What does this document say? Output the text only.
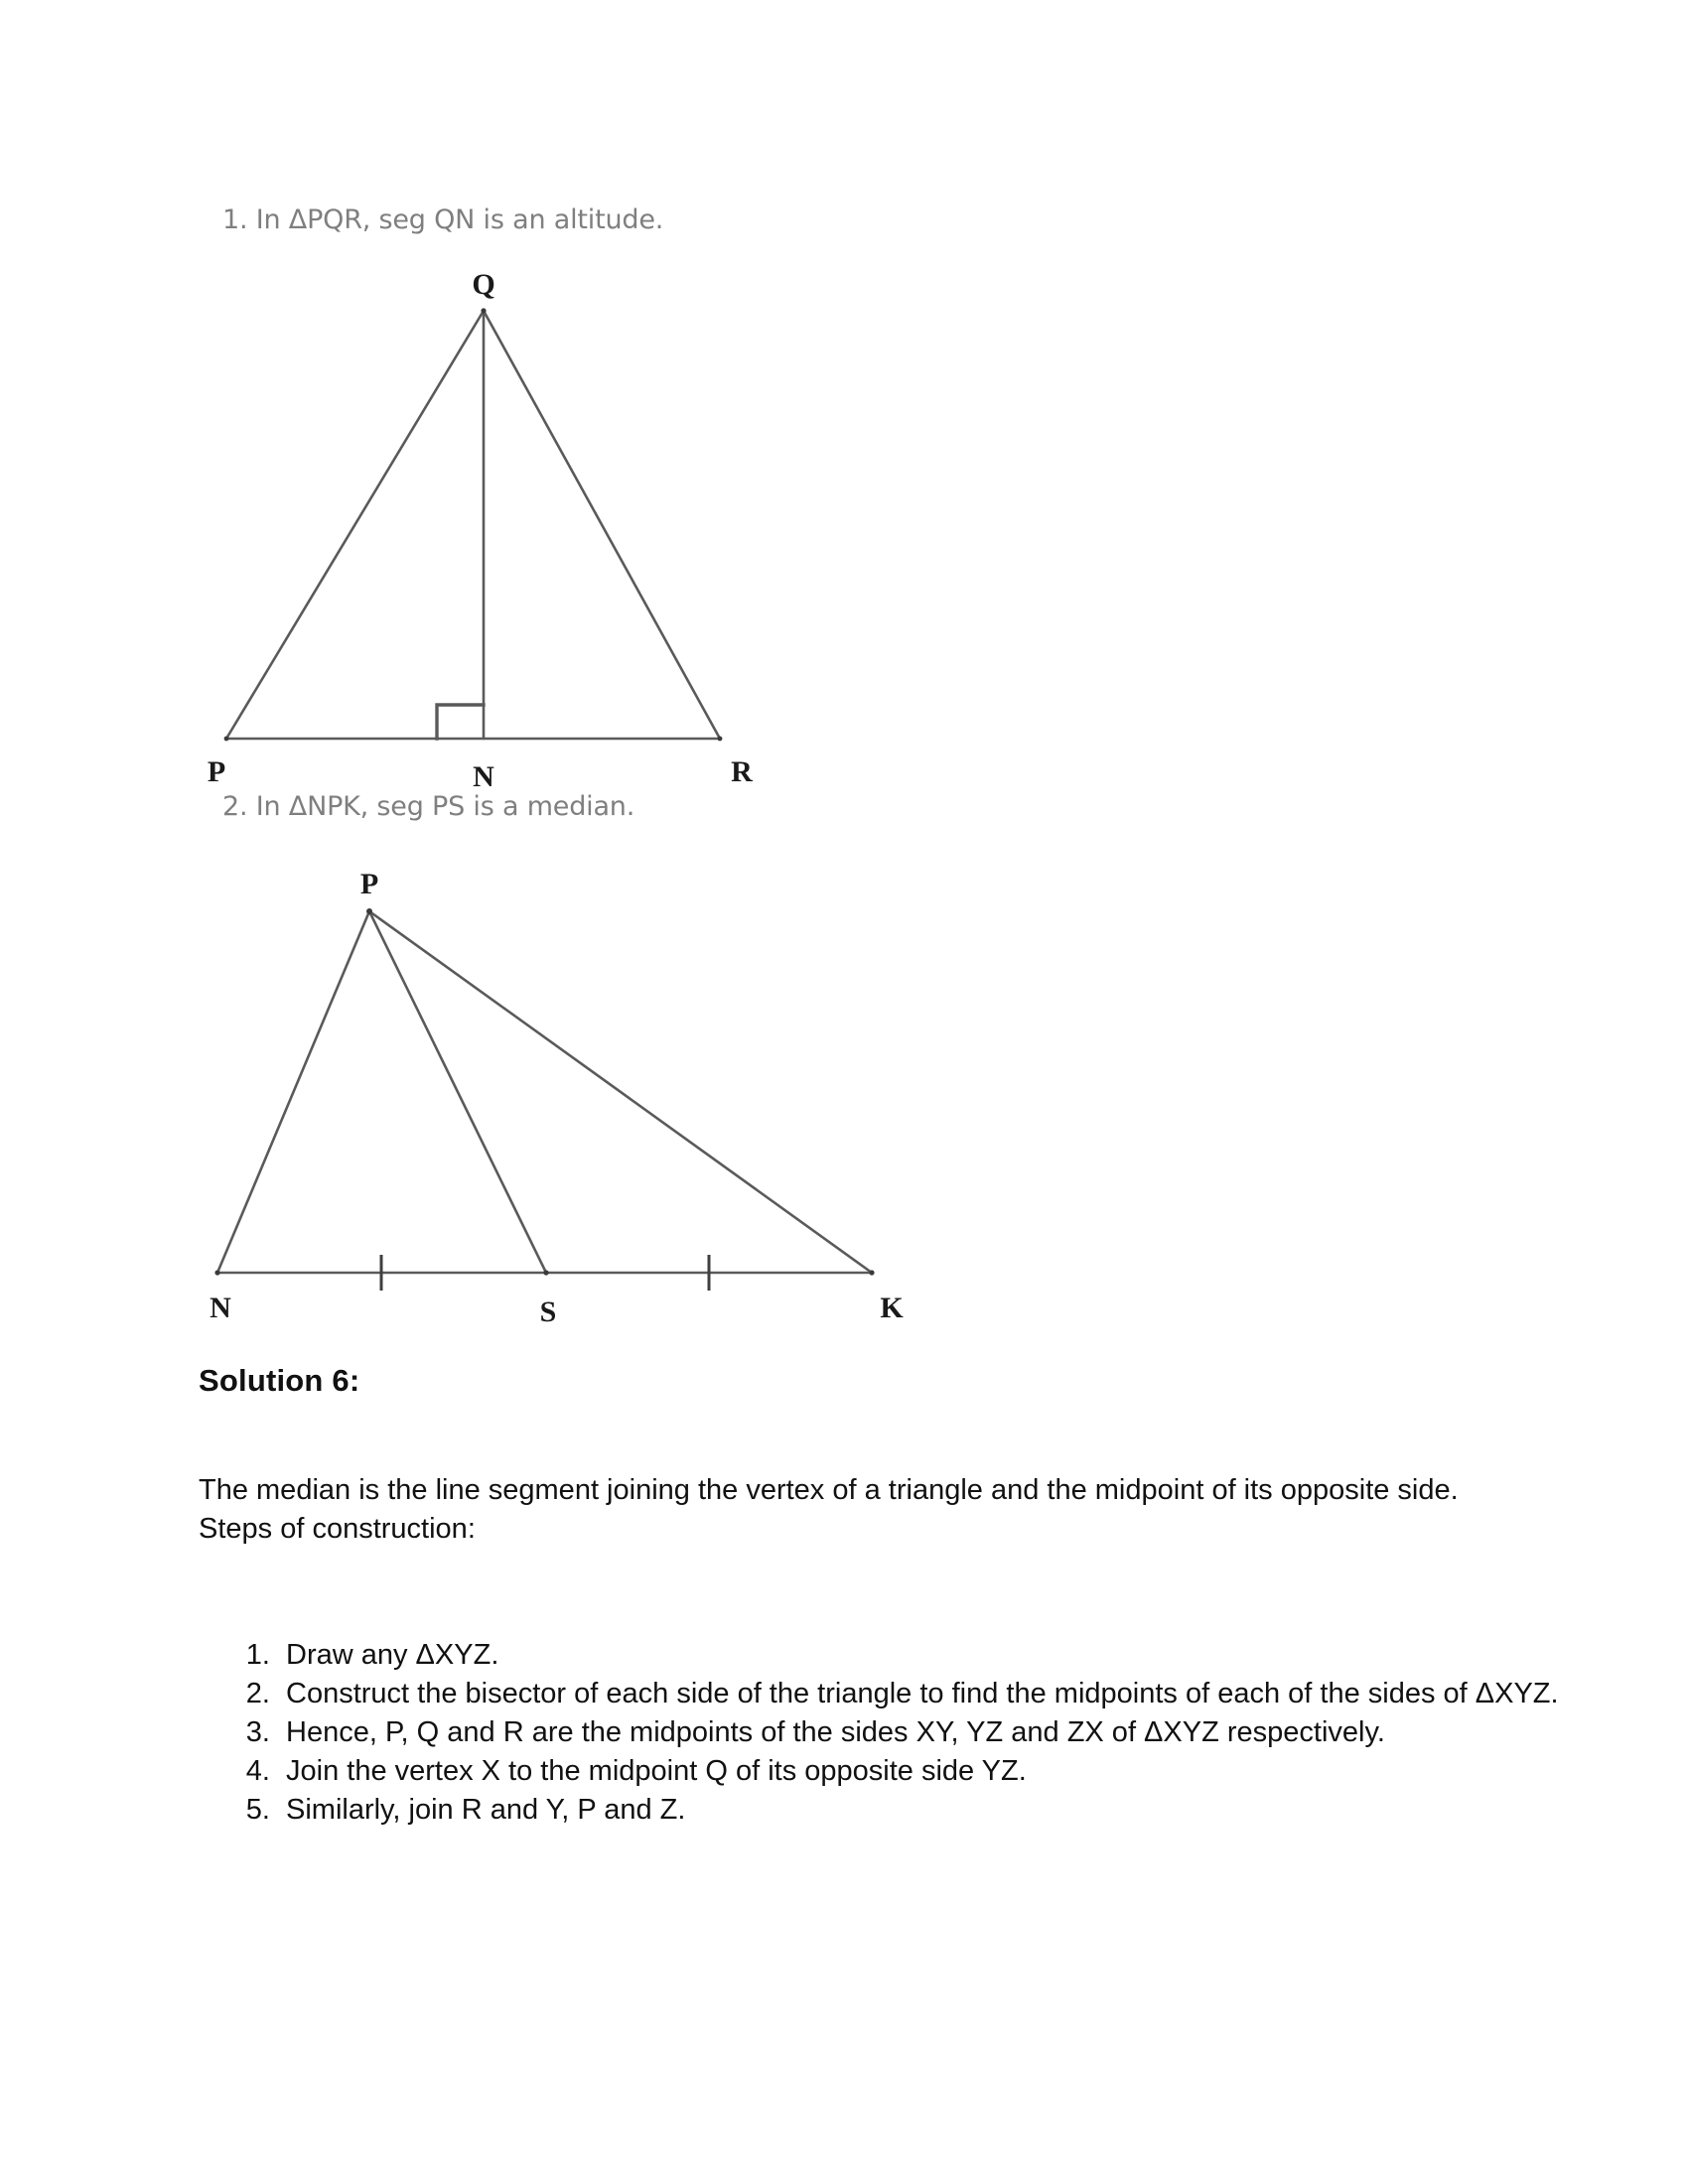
1. In ΔPQR, seg QN is an altitude.
Q
P	N	R
2. In ΔNPK, seg PS is a median.
P
N	S	K
Solution 6:

The median is the line segment joining the vertex of a triangle and the midpoint of its opposite side.

Steps of construction:

1. Draw any ΔXYZ.
2. Construct the bisector of each side of the triangle to find the midpoints of each of the sides of ΔXYZ.
3. Hence, P, Q and R are the midpoints of the sides XY, YZ and ZX of ΔXYZ respectively.
4. Join the vertex X to the midpoint Q of its opposite side YZ.
5. Similarly, join R and Y, P and Z.
